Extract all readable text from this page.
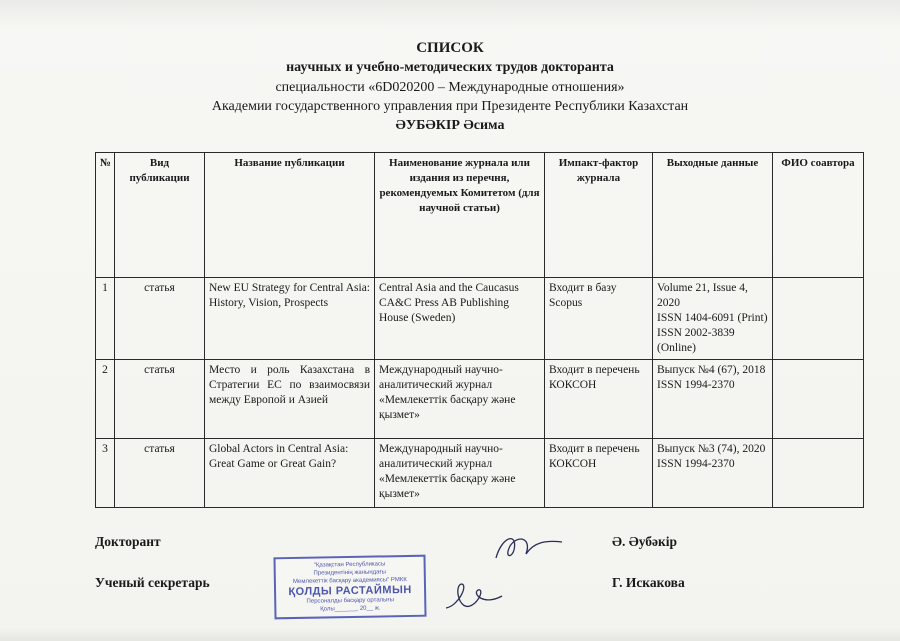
СПИСОК
научных и учебно-методических трудов докторанта
специальности «6D020200 – Международные отношения»
Академии государственного управления при Президенте Республики Казахстан
ӘУБӘКІР Әсима
№	Вид публикации	Название публикации	Наименование журнала или издания из перечня, рекомендуемых Комитетом (для научной статьи)	Импакт-фактор журнала	Выходные данные	ФИО соавтора
1	статья	New EU Strategy for Central Asia: History, Vision, Prospects	Central Asia and the Caucasus CA&C Press AB Publishing House (Sweden)	Входит в базу Scopus	Volume 21, Issue 4, 2020
ISSN 1404-6091 (Print)
ISSN 2002-3839 (Online)	

2	статья	Место и роль Казахстана в Стратегии ЕС по взаимосвязи между Европой и Азией	Международный научно-аналитический журнал «Мемлекеттік басқару және қызмет»	Входит в перечень КОКСОН	Выпуск №4 (67), 2018
ISSN 1994-2370	

3	статья	Global Actors in Central Asia: Great Game or Great Gain?	Международный научно-аналитический журнал «Мемлекеттік басқару және қызмет»	Входит в перечень КОКСОН	Выпуск №3 (74), 2020
ISSN 1994-2370	

Докторант	Ә. Әубәкір
Ученый секретарь	Г. Искакова
"Қазақстан Республикасы
Президентінің жанындағы
Мемлекеттік басқару академиясы" РМКК
ҚОЛДЫ РАСТАЙМЫН
Персоналды басқару орталығы
Қолы_______ 20__ ж.
